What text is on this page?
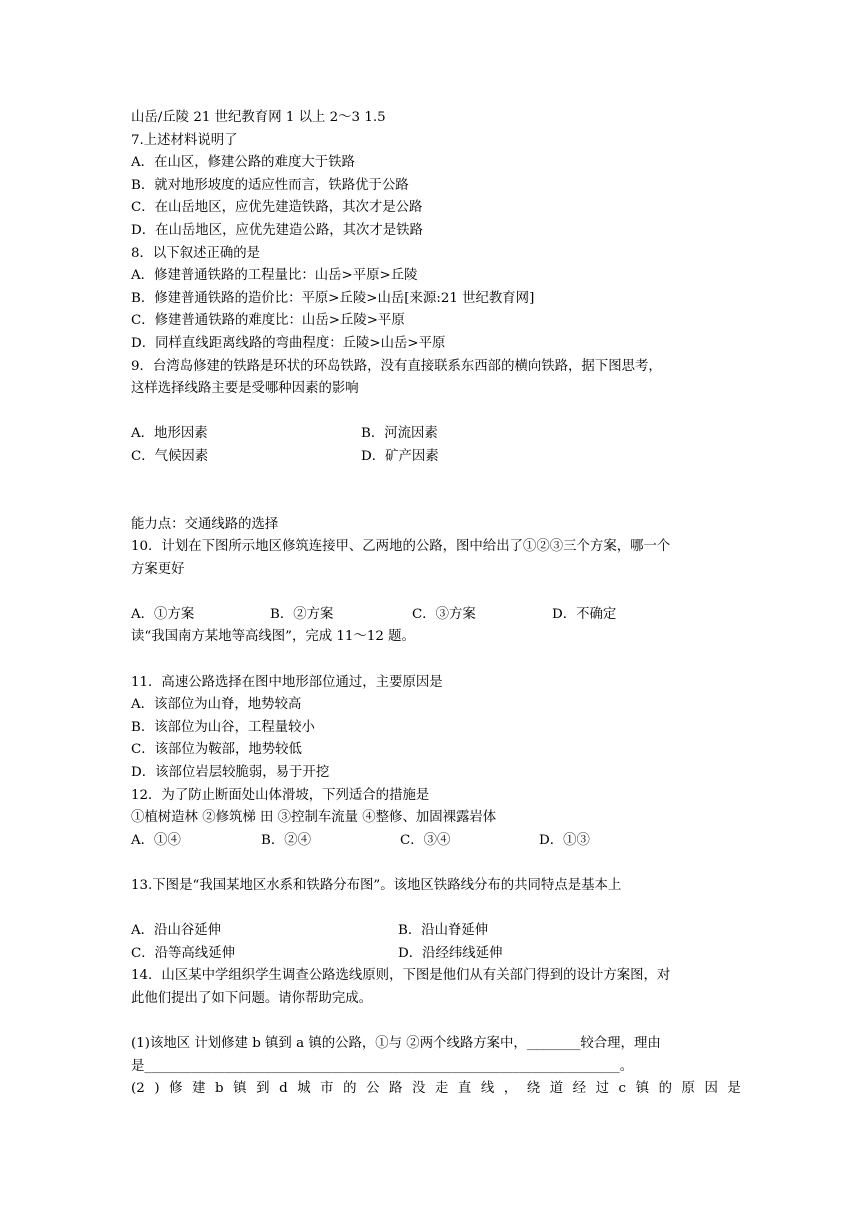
山岳/丘陵 21 世纪教育网 1 以上 2～3 1.5
7.上述材料说明了
A．在山区，修建公路的难度大于铁路
B．就对地形坡度的适应性而言，铁路优于公路
C．在山岳地区，应优先建造铁路，其次才是公路
D．在山岳地区，应优先建造公路，其次才是铁路
8．以下叙述正确的是
A．修建普通铁路的工程量比：山岳>平原>丘陵
B．修建普通铁路的造价比：平原>丘陵>山岳[来源:21 世纪教育网]
C．修建普通铁路的难度比：山岳>丘陵>平原
D．同样直线距离线路的弯曲程度：丘陵>山岳>平原
9．台湾岛修建的铁路是环状的环岛铁路，没有直接联系东西部的横向铁路，据下图思考，
这样选择线路主要是受哪种因素的影响
A．地形因素	B．河流因素
C．气候因素	D．矿产因素
能力点：交通线路的选择
10．计划在下图所示地区修筑连接甲、乙两地的公路，图中给出了①②③三个方案，哪一个
方案更好
A．①方案	B．②方案	C．③方案	D．不确定
读“我国南方某地等高线图”，完成 11～12 题。
11．高速公路选择在图中地形部位通过，主要原因是
A．该部位为山脊，地势较高
B．该部位为山谷，工程量较小
C．该部位为鞍部，地势较低
D．该部位岩层较脆弱，易于开挖
12．为了防止断面处山体滑坡，下列适合的措施是
①植树造林 ②修筑梯 田 ③控制车流量 ④整修、加固裸露岩体
A．①④	B．②④	C．③④	D．①③
13.下图是“我国某地区水系和铁路分布图”。该地区铁路线分布的共同特点是基本上
A．沿山谷延伸	B．沿山脊延伸
C．沿等高线延伸	D．沿经纬线延伸
14．山区某中学组织学生调查公路选线原则，下图是他们从有关部门得到的设计方案图，对
此他们提出了如下问题。请你帮助完成。
(1)该地区 计划修建 b 镇到 a 镇的公路，①与 ②两个线路方案中，________较合理，理由
是_______________________________________________________________________。
(2 ) 修 建 b 镇 到 d 城 市 的 公 路 没 走 直 线 ， 绕 道 经 过 c 镇 的 原 因 是
